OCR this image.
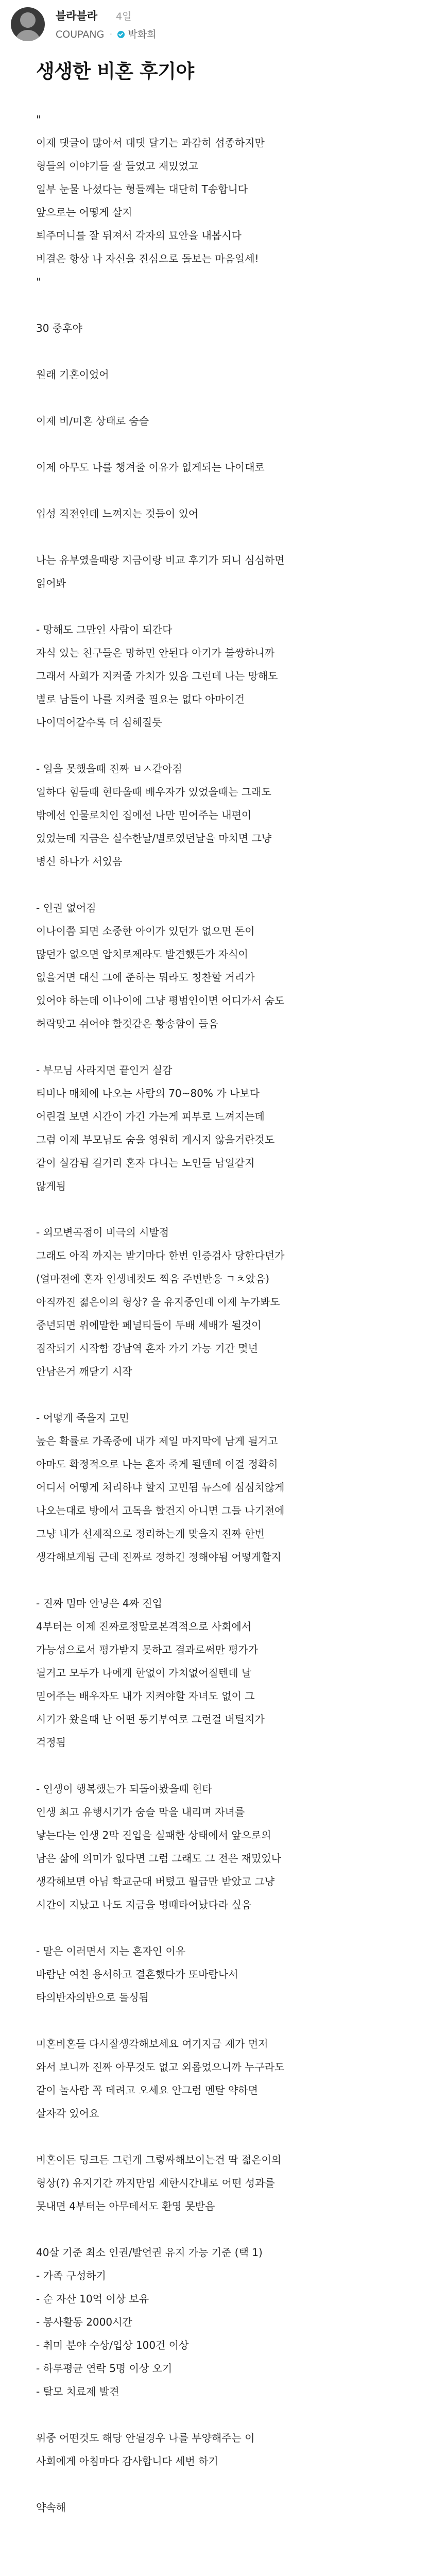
블라블라 4일
COUPANG · 박화희
생생한 비혼 후기야
"
이제 댓글이 많아서 대댓 달기는 과감히 섭종하지만
형들의 이야기들 잘 들었고 재밌었고
일부 눈물 나셨다는 형들께는 대단히 T송합니다
앞으로는 어떻게 살지
퇴주머니를 잘 뒤져서 각자의 묘안을 내봅시다
비결은 항상 나 자신을 진심으로 돌보는 마음일세!
"
30 중후야
원래 기혼이었어
이제 비/미혼 상태로 숨슬
이제 아무도 나를 챙겨줄 이유가 없게되는 나이대로
입성 직전인데 느껴지는 것들이 있어
나는 유부였을때랑 지금이랑 비교 후기가 되니 심심하면
읽어봐
- 망해도 그만인 사람이 되간다
자식 있는 친구들은 망하면 안된다 아기가 불쌍하니까
그래서 사회가 지켜줄 가치가 있음 그런데 나는 망해도
별로 남들이 나를 지켜줄 필요는 없다 아마이건
나이먹어갈수록 더 심해질듯
- 일을 못했을때 진짜 ㅂㅅ같아짐
일하다 힘들때 현타올때 배우자가 있었을때는 그래도
밖에선 인물로치인 집에선 나만 믿어주는 내편이
있었는데 지금은 실수한날/별로였던날을 마치면 그냥
병신 하나가 서있음
- 인권 없어짐
이나이쯤 되면 소중한 아이가 있던가 없으면 돈이
많던가 없으면 압치로제라도 발견했든가 자식이
없을거면 대신 그에 준하는 뭐라도 칭찬할 거리가
있어야 하는데 이나이에 그냥 평범인이면 어디가서 숨도
허락맞고 쉬어야 할것같은 황송함이 들음
- 부모님 사라지면 끝인거 실감
티비나 매체에 나오는 사람의 70~80% 가 나보다
어린걸 보면 시간이 가긴 가는게 피부로 느껴지는데
그럼 이제 부모님도 숨을 영원히 게시지 않을거란것도
같이 실감됨 길거리 혼자 다니는 노인들 남일같지
않게됨
- 외모변곡점이 비극의 시발점
그래도 아직 까지는 받기마다 한번 인증검사 당한다던가
(얼마전에 혼자 인생네컷도 찍음 주변반응 ㄱㅊ았음)
아직까진 젊은이의 형상? 을 유지중인데 이제 누가봐도
중년되면 위에말한 페널티들이 두배 세배가 될것이
짐작되기 시작함 강남역 혼자 가기 가능 기간 몇년
안남은거 깨닫기 시작
- 어떻게 죽을지 고민
높은 확률로 가족중에 내가 제일 마지막에 남게 될거고
아마도 확정적으로 나는 혼자 죽게 될텐데 이걸 정확히
어디서 어떻게 처리하냐 할지 고민됨 뉴스에 심심치않게
나오는대로 방에서 고독을 할건지 아니면 그들 나기전에
그냥 내가 선제적으로 정리하는게 맞을지 진짜 한번
생각해보게됨 근데 진짜로 정하긴 정해야됨 어떻게할지
- 진짜 멈마 안닝은 4짜 진입
4부터는 이제 진짜로정말로본격적으로 사회에서
가능성으로서 평가받지 못하고 결과로써만 평가가
될거고 모두가 나에게 한없이 가치없어질텐데 날
믿어주는 배우자도 내가 지켜야할 자녀도 없이 그
시기가 왔을때 난 어떤 동기부여로 그런걸 버틸지가
걱정됨
- 인생이 행복했는가 되돌아봤을때 현타
인생 최고 유행시기가 숨슬 막을 내리며 자녀를
낳는다는 인생 2막 진입을 실패한 상태에서 앞으로의
남은 삶에 의미가 없다면 그럼 그래도 그 전은 재밌었나
생각해보면 아님 학교군대 버텼고 월급만 받았고 그냥
시간이 지났고 나도 지금을 멍때타어났다라 싶음
- 말은 이러면서 지는 혼자인 이유
바람난 여친 용서하고 결혼했다가 또바람나서
타의반자의반으로 돌싱됨
미혼비혼들 다시잘생각해보세요 여기지금 제가 먼저
와서 보니까 진짜 아무것도 없고 외롭었으니까 누구라도
같이 놀사람 꼭 데려고 오세요 안그럼 멘탈 약하면
살자각 있어요
비혼이든 딩크든 그런게 그렇싸해보이는건 딱 젊은이의
형상(?) 유지기간 까지만임 제한시간내로 어떤 성과를
못내면 4부터는 아무데서도 환영 못받음
40살 기준 최소 인권/발언권 유지 가능 기준 (택 1)
- 가족 구성하기
- 순 자산 10억 이상 보유
- 봉사활동 2000시간
- 취미 분야 수상/입상 100건 이상
- 하루평균 연락 5명 이상 오기
- 탈모 치료제 발견
위중 어떤것도 해당 안될경우 나를 부양해주는 이
사회에게 아침마다 감사합니다 세번 하기
약속해
